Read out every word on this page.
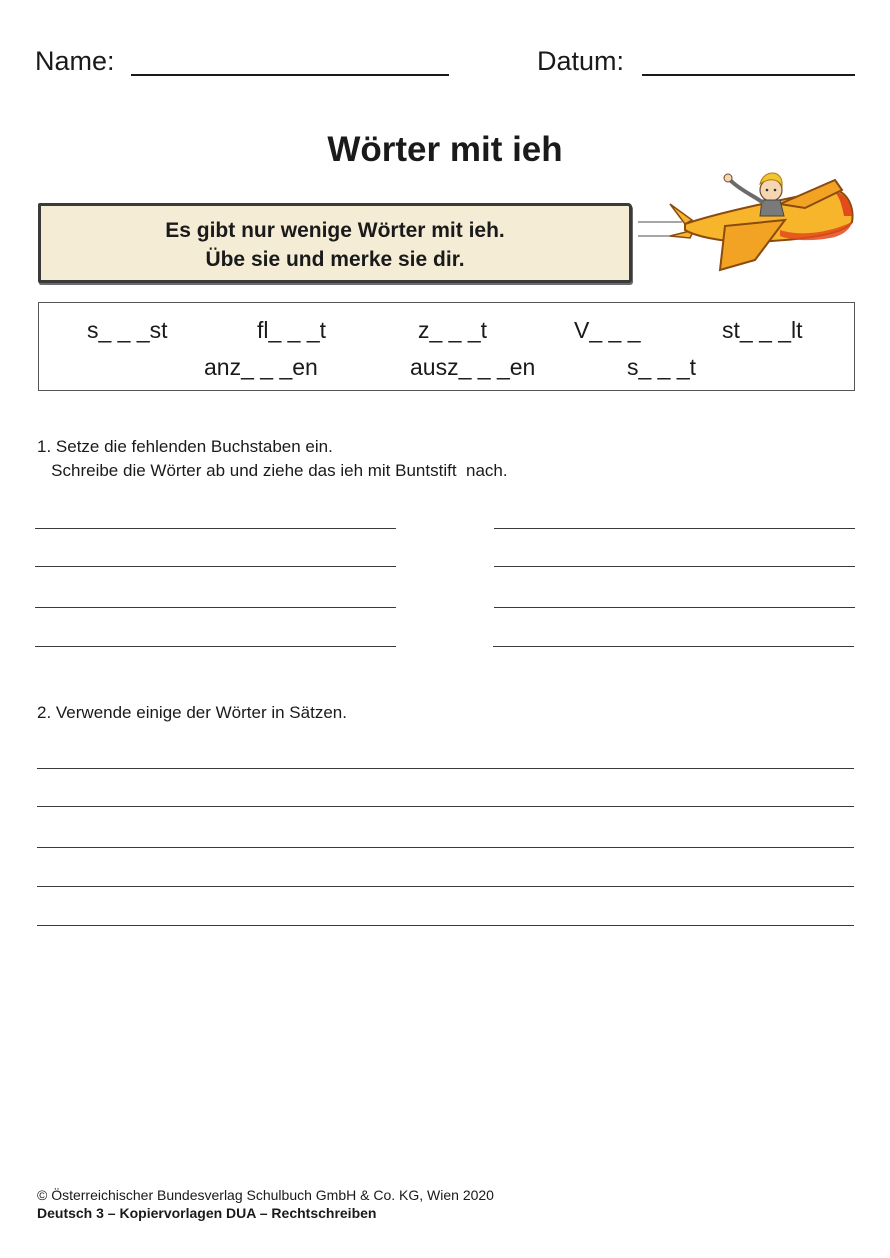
Name:	Datum:
Wörter mit ieh
Es gibt nur wenige Wörter mit ieh.
Übe sie und merke sie dir.
s_ _ _st	fl_ _ _t	z_ _ _t	V_ _ _	st_ _ _lt
anz_ _ _en	ausz_ _ _en	s_ _ _t
1. Setze die fehlenden Buchstaben ein.
Schreibe die Wörter ab und ziehe das ieh mit Buntstift  nach.
2. Verwende einige der Wörter in Sätzen.
© Österreichischer Bundesverlag Schulbuch GmbH & Co. KG, Wien 2020
Deutsch 3 – Kopiervorlagen DUA – Rechtschreiben
